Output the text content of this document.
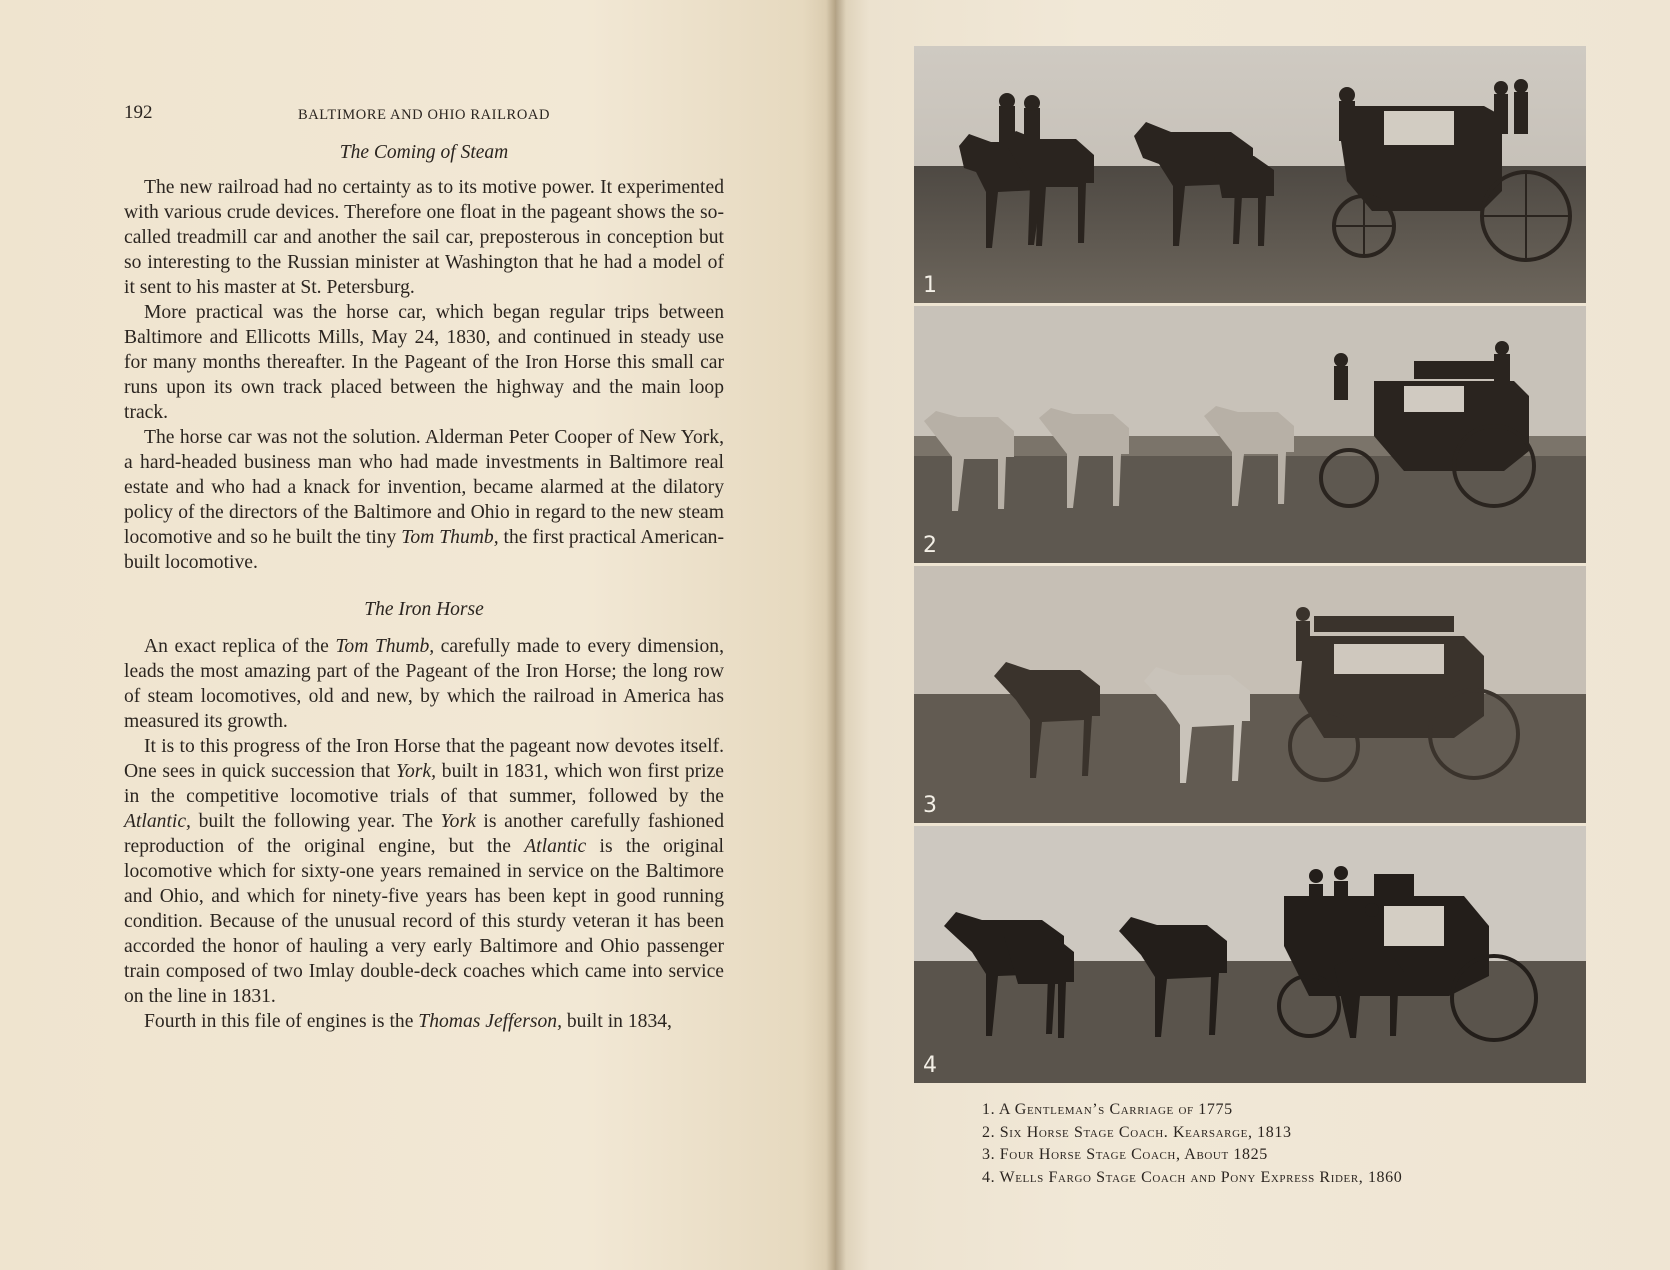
192	BALTIMORE AND OHIO RAILROAD
The Coming of Steam

The new railroad had no certainty as to its motive power. It experimented with various crude devices. Therefore one float in the pageant shows the so-called treadmill car and another the sail car, preposterous in conception but so interesting to the Russian minister at Washington that he had a model of it sent to his master at St. Petersburg.

More practical was the horse car, which began regular trips between Baltimore and Ellicotts Mills, May 24, 1830, and continued in steady use for many months thereafter. In the Pageant of the Iron Horse this small car runs upon its own track placed between the highway and the main loop track.

The horse car was not the solution. Alderman Peter Cooper of New York, a hard-headed business man who had made investments in Baltimore real estate and who had a knack for invention, became alarmed at the dilatory policy of the directors of the Baltimore and Ohio in regard to the new steam locomotive and so he built the tiny Tom Thumb, the first practical American-built locomotive.

The Iron Horse

An exact replica of the Tom Thumb, carefully made to every dimension, leads the most amazing part of the Pageant of the Iron Horse; the long row of steam locomotives, old and new, by which the railroad in America has measured its growth.

It is to this progress of the Iron Horse that the pageant now devotes itself. One sees in quick succession that York, built in 1831, which won first prize in the competitive locomotive trials of that summer, followed by the Atlantic, built the following year. The York is another carefully fashioned reproduction of the original engine, but the Atlantic is the original locomotive which for sixty-one years remained in service on the Baltimore and Ohio, and which for ninety-five years has been kept in good running condition. Because of the unusual record of this sturdy veteran it has been accorded the honor of hauling a very early Baltimore and Ohio passenger train composed of two Imlay double-deck coaches which came into service on the line in 1831.

Fourth in this file of engines is the Thomas Jefferson, built in 1834,

1
2
3
4
1. A Gentleman’s Carriage of 1775
2. Six Horse Stage Coach. Kearsarge, 1813
3. Four Horse Stage Coach, About 1825
4. Wells Fargo Stage Coach and Pony Express Rider, 1860
